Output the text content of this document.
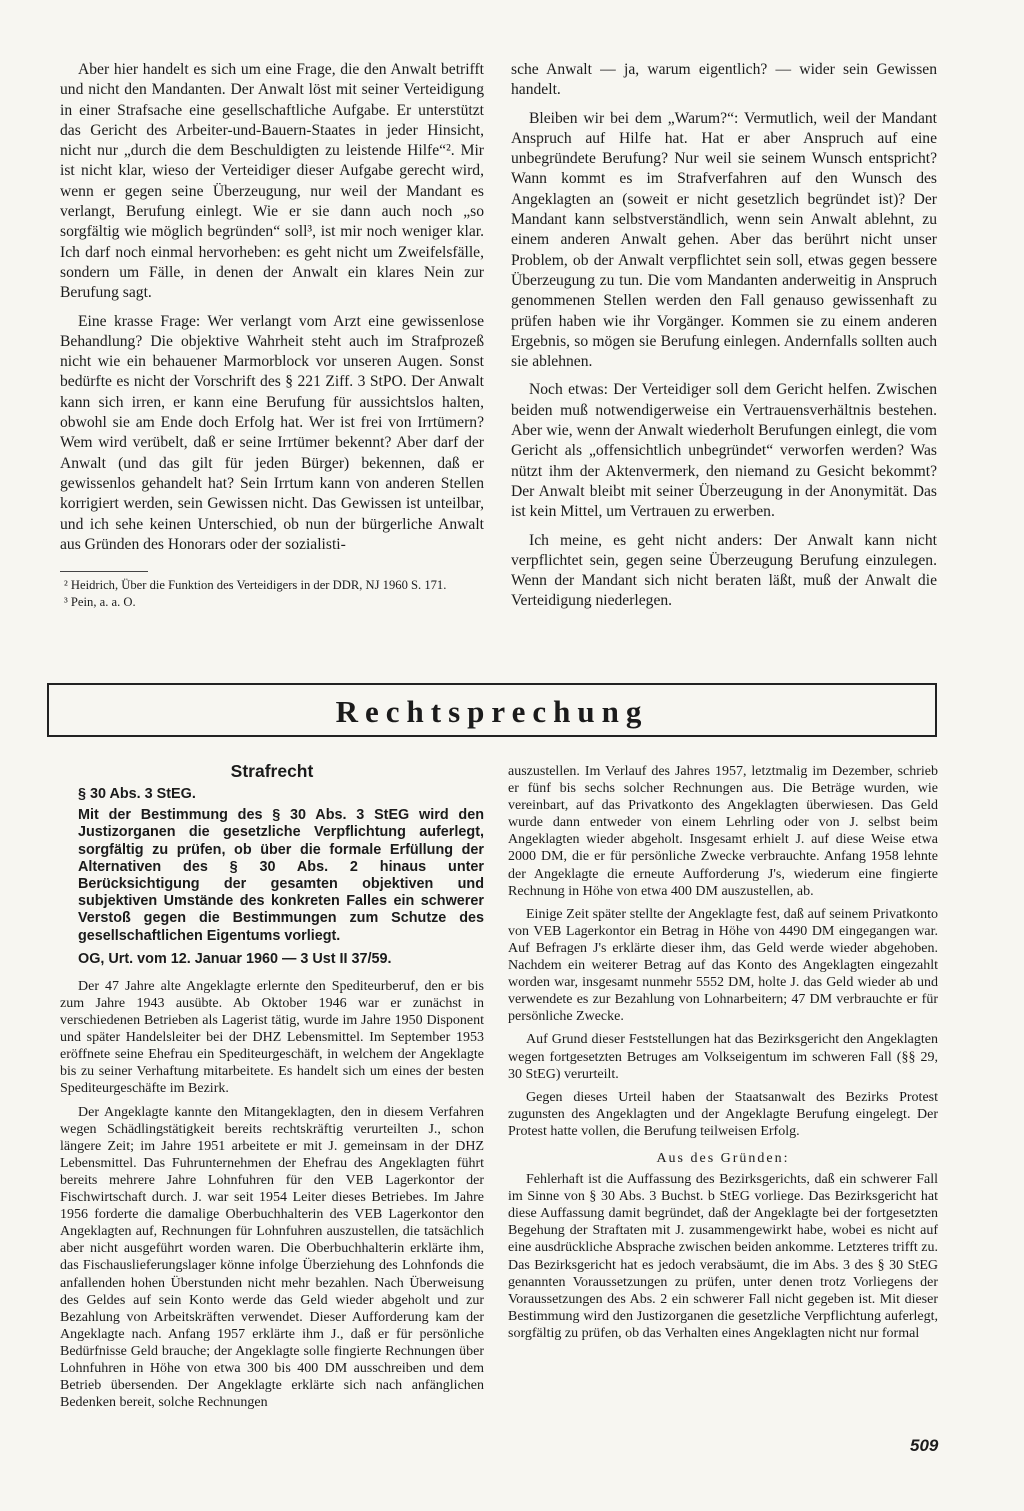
Aber hier handelt es sich um eine Frage, die den Anwalt betrifft und nicht den Mandanten. Der Anwalt löst mit seiner Verteidigung in einer Strafsache eine gesellschaftliche Aufgabe. Er unterstützt das Gericht des Arbeiter-und-Bauern-Staates in jeder Hinsicht, nicht nur „durch die dem Beschuldigten zu leistende Hilfe“². Mir ist nicht klar, wieso der Verteidiger dieser Aufgabe gerecht wird, wenn er gegen seine Überzeugung, nur weil der Mandant es verlangt, Berufung einlegt. Wie er sie dann auch noch „so sorgfältig wie möglich begründen“ soll³, ist mir noch weniger klar. Ich darf noch einmal hervorheben: es geht nicht um Zweifelsfälle, sondern um Fälle, in denen der Anwalt ein klares Nein zur Berufung sagt.

Eine krasse Frage: Wer verlangt vom Arzt eine gewissenlose Behandlung? Die objektive Wahrheit steht auch im Strafprozeß nicht wie ein behauener Marmorblock vor unseren Augen. Sonst bedürfte es nicht der Vorschrift des § 221 Ziff. 3 StPO. Der Anwalt kann sich irren, er kann eine Berufung für aussichtslos halten, obwohl sie am Ende doch Erfolg hat. Wer ist frei von Irrtümern? Wem wird verübelt, daß er seine Irrtümer bekennt? Aber darf der Anwalt (und das gilt für jeden Bürger) bekennen, daß er gewissenlos gehandelt hat? Sein Irrtum kann von anderen Stellen korrigiert werden, sein Gewissen nicht. Das Gewissen ist unteilbar, und ich sehe keinen Unterschied, ob nun der bürgerliche Anwalt aus Gründen des Honorars oder der sozialisti-

² Heidrich, Über die Funktion des Verteidigers in der DDR, NJ 1960 S. 171.

³ Pein, a. a. O.

sche Anwalt — ja, warum eigentlich? — wider sein Gewissen handelt.

Bleiben wir bei dem „Warum?“: Vermutlich, weil der Mandant Anspruch auf Hilfe hat. Hat er aber Anspruch auf eine unbegründete Berufung? Nur weil sie seinem Wunsch entspricht? Wann kommt es im Strafverfahren auf den Wunsch des Angeklagten an (soweit er nicht gesetzlich begründet ist)? Der Mandant kann selbstverständlich, wenn sein Anwalt ablehnt, zu einem anderen Anwalt gehen. Aber das berührt nicht unser Problem, ob der Anwalt verpflichtet sein soll, etwas gegen bessere Überzeugung zu tun. Die vom Mandanten anderweitig in Anspruch genommenen Stellen werden den Fall genauso gewissenhaft zu prüfen haben wie ihr Vorgänger. Kommen sie zu einem anderen Ergebnis, so mögen sie Berufung einlegen. Andernfalls sollten auch sie ablehnen.

Noch etwas: Der Verteidiger soll dem Gericht helfen. Zwischen beiden muß notwendigerweise ein Vertrauensverhältnis bestehen. Aber wie, wenn der Anwalt wiederholt Berufungen einlegt, die vom Gericht als „offensichtlich unbegründet“ verworfen werden? Was nützt ihm der Aktenvermerk, den niemand zu Gesicht bekommt? Der Anwalt bleibt mit seiner Überzeugung in der Anonymität. Das ist kein Mittel, um Vertrauen zu erwerben.

Ich meine, es geht nicht anders: Der Anwalt kann nicht verpflichtet sein, gegen seine Überzeugung Berufung einzulegen. Wenn der Mandant sich nicht beraten läßt, muß der Anwalt die Verteidigung niederlegen.

Rechtsprechung

Strafrecht

§ 30 Abs. 3 StEG.

Mit der Bestimmung des § 30 Abs. 3 StEG wird den Justizorganen die gesetzliche Verpflichtung auferlegt, sorgfältig zu prüfen, ob über die formale Erfüllung der Alternativen des § 30 Abs. 2 hinaus unter Berücksichtigung der gesamten objektiven und subjektiven Umstände des konkreten Falles ein schwerer Verstoß gegen die Bestimmungen zum Schutze des gesellschaftlichen Eigentums vorliegt.

OG, Urt. vom 12. Januar 1960 — 3 Ust II 37/59.

Der 47 Jahre alte Angeklagte erlernte den Spediteurberuf, den er bis zum Jahre 1943 ausübte. Ab Oktober 1946 war er zunächst in verschiedenen Betrieben als Lagerist tätig, wurde im Jahre 1950 Disponent und später Handelsleiter bei der DHZ Lebensmittel. Im September 1953 eröffnete seine Ehefrau ein Speditеurgeschäft, in welchem der Angeklagte bis zu seiner Verhaftung mitarbeitete. Es handelt sich um eines der besten Spediteurgeschäfte im Bezirk.

Der Angeklagte kannte den Mitangeklagten, den in diesem Verfahren wegen Schädlingstätigkeit bereits rechtskräftig verurteilten J., schon längere Zeit; im Jahre 1951 arbeitete er mit J. gemeinsam in der DHZ Lebensmittel. Das Fuhrunternehmen der Ehefrau des Angeklagten führt bereits mehrere Jahre Lohnfuhren für den VEB Lagerkontor der Fischwirtschaft durch. J. war seit 1954 Leiter dieses Betriebes. Im Jahre 1956 forderte die damalige Oberbuchhalterin des VEB Lagerkontor den Angeklagten auf, Rechnungen für Lohnfuhren auszustellen, die tatsächlich aber nicht ausgeführt worden waren. Die Oberbuchhalterin erklärte ihm, das Fischauslieferungslager könne infolge Überziehung des Lohnfonds die anfallenden hohen Überstunden nicht mehr bezahlen. Nach Überweisung des Geldes auf sein Konto werde das Geld wieder abgeholt und zur Bezahlung von Arbeitskräften verwendet. Dieser Aufforderung kam der Angeklagte nach. Anfang 1957 erklärte ihm J., daß er für persönliche Bedürfnisse Geld brauche; der Angeklagte solle fingierte Rechnungen über Lohnfuhren in Höhe von etwa 300 bis 400 DM ausschreiben und dem Betrieb übersenden. Der Angeklagte erklärte sich nach anfänglichen Bedenken bereit, solche Rechnungen

auszustellen. Im Verlauf des Jahres 1957, letztmalig im Dezember, schrieb er fünf bis sechs solcher Rechnungen aus. Die Beträge wurden, wie vereinbart, auf das Privatkonto des Angeklagten überwiesen. Das Geld wurde dann entweder von einem Lehrling oder von J. selbst beim Angeklagten wieder abgeholt. Insgesamt erhielt J. auf diese Weise etwa 2000 DM, die er für persönliche Zwecke verbrauchte. Anfang 1958 lehnte der Angeklagte die erneute Aufforderung J's, wiederum eine fingierte Rechnung in Höhe von etwa 400 DM auszustellen, ab.

Einige Zeit später stellte der Angeklagte fest, daß auf seinem Privatkonto von VEB Lagerkontor ein Betrag in Höhe von 4490 DM eingegangen war. Auf Befragen J's erklärte dieser ihm, das Geld werde wieder abgehoben. Nachdem ein weiterer Betrag auf das Konto des Angeklagten eingezahlt worden war, insgesamt nunmehr 5552 DM, holte J. das Geld wieder ab und verwendete es zur Bezahlung von Lohnarbeitern; 47 DM verbrauchte er für persönliche Zwecke.

Auf Grund dieser Feststellungen hat das Bezirksgericht den Angeklagten wegen fortgesetzten Betruges am Volkseigentum im schweren Fall (§§ 29, 30 StEG) verurteilt.

Gegen dieses Urteil haben der Staatsanwalt des Bezirks Protest zugunsten des Angeklagten und der Angeklagte Berufung eingelegt. Der Protest hatte vollen, die Berufung teilweisen Erfolg.

Aus des Gründen:

Fehlerhaft ist die Auffassung des Bezirksgerichts, daß ein schwerer Fall im Sinne von § 30 Abs. 3 Buchst. b StEG vorliege. Das Bezirksgericht hat diese Auffassung damit begründet, daß der Angeklagte bei der fortgesetzten Begehung der Straftaten mit J. zusammengewirkt habe, wobei es nicht auf eine ausdrückliche Absprache zwischen beiden ankomme. Letzteres trifft zu. Das Bezirksgericht hat es jedoch verabsäumt, die im Abs. 3 des § 30 StEG genannten Voraussetzungen zu prüfen, unter denen trotz Vorliegens der Voraussetzungen des Abs. 2 ein schwerer Fall nicht gegeben ist. Mit dieser Bestimmung wird den Justizorganen die gesetzliche Verpflichtung auferlegt, sorgfältig zu prüfen, ob das Verhalten eines Angeklagten nicht nur formal

509
